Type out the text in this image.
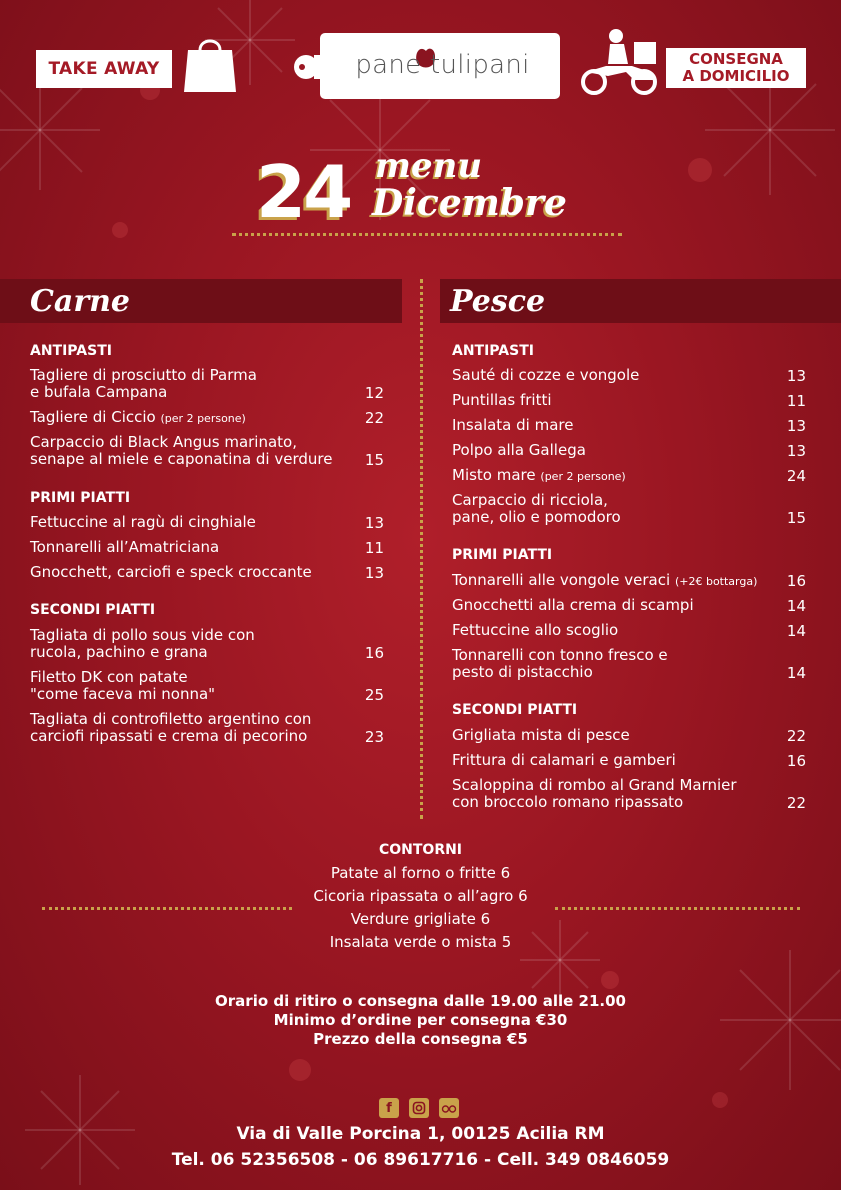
TAKE AWAY	pane tulipani	CONSEGNA
A DOMICILIO
24 menu
Dicembre
Carne	Pesce
ANTIPASTI
Tagliere di prosciutto di Parma
e bufala Campana	12
Tagliere di Ciccio (per 2 persone)	22
Carpaccio di Black Angus marinato,
senape al miele e caponatina di verdure	15
PRIMI PIATTI
Fettuccine al ragù di cinghiale	13
Tonnarelli all’Amatriciana	11
Gnocchett, carciofi e speck croccante	13
SECONDI PIATTI
Tagliata di pollo sous vide con
rucola, pachino e grana	16
Filetto DK con patate
"come faceva mi nonna"	25
Tagliata di controfiletto argentino con
carciofi ripassati e crema di pecorino	23
ANTIPASTI
Sauté di cozze e vongole	13
Puntillas fritti	11
Insalata di mare	13
Polpo alla Gallega	13
Misto mare (per 2 persone)	24
Carpaccio di ricciola,
pane, olio e pomodoro	15
PRIMI PIATTI
Tonnarelli alle vongole veraci (+2€ bottarga)	16
Gnocchetti alla crema di scampi	14
Fettuccine allo scoglio	14
Tonnarelli con tonno fresco e
pesto di pistacchio	14
SECONDI PIATTI
Grigliata mista di pesce	22
Frittura di calamari e gamberi	16
Scaloppina di rombo al Grand Marnier
con broccolo romano ripassato	22
CONTORNI
Patate al forno o fritte 6
Cicoria ripassata o all’agro 6
Verdure grigliate 6
Insalata verde o mista 5
Orario di ritiro o consegna dalle 19.00 alle 21.00
Minimo d’ordine per consegna €30
Prezzo della consegna €5
f
Via di Valle Porcina 1, 00125 Acilia RM
Tel. 06 52356508 - 06 89617716 - Cell. 349 0846059
